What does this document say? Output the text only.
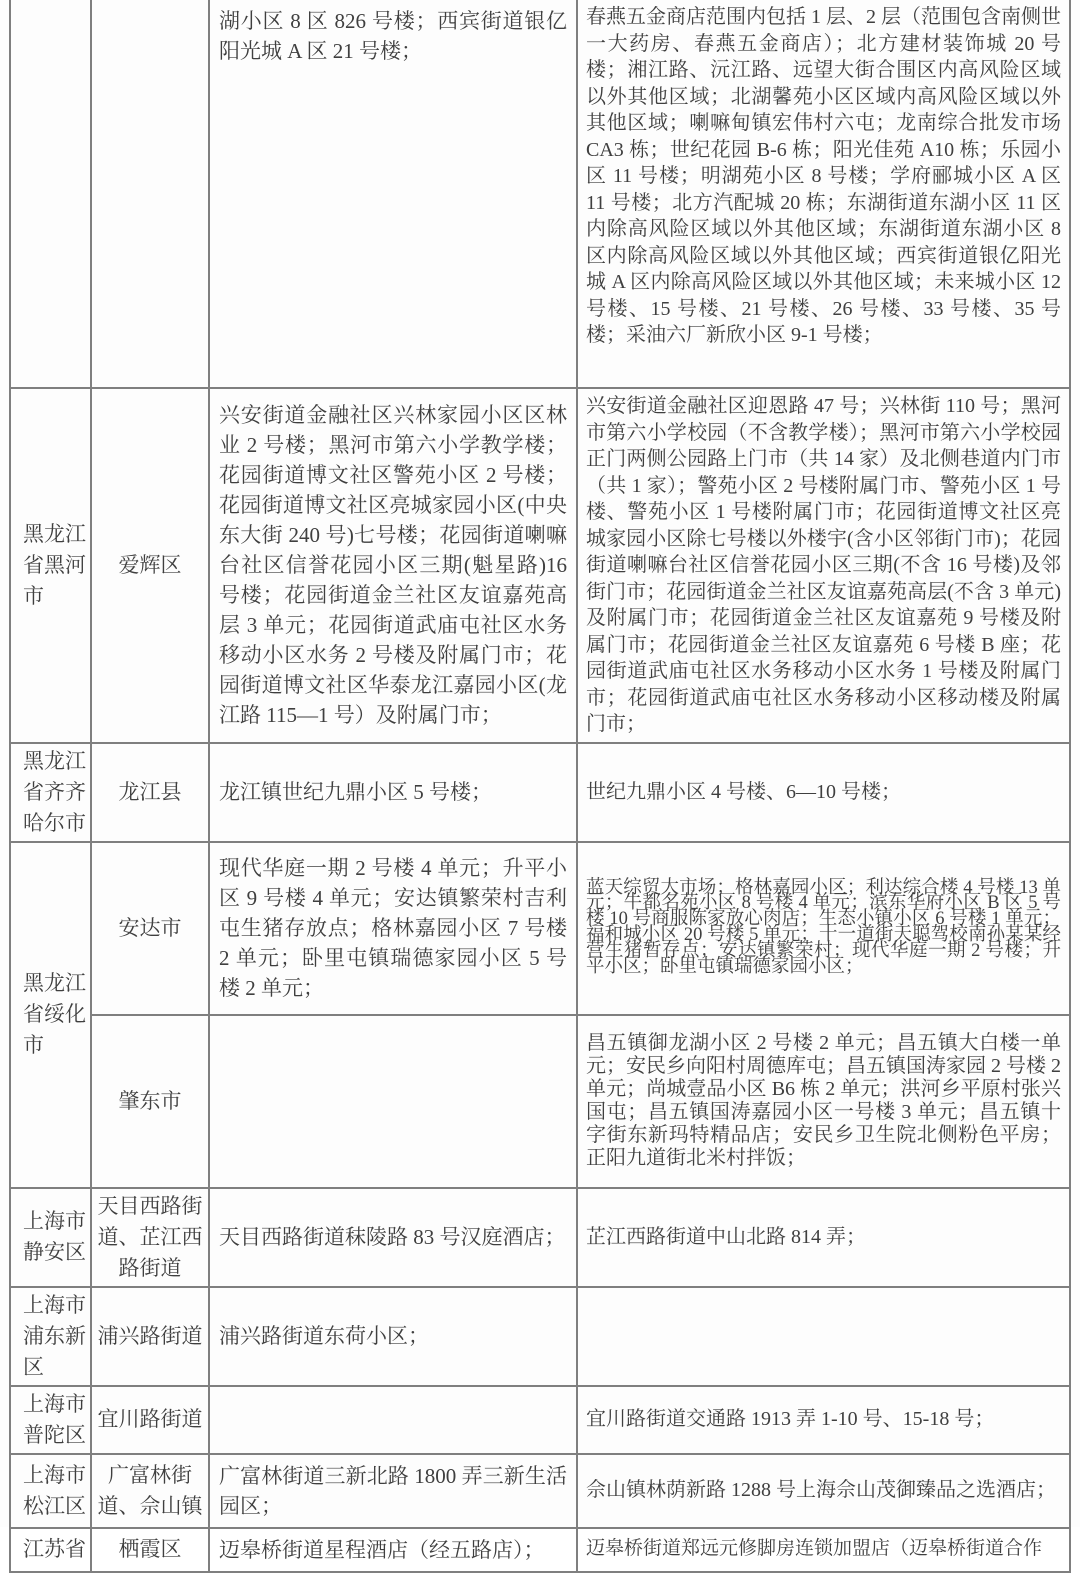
		湖小区 8 区 826 号楼；西宾街道银亿阳光城 A 区 21 号楼；	春燕五金商店范围内包括 1 层、2 层（范围包含南侧世一大药房、春燕五金商店）；北方建材装饰城 20 号楼；湘江路、沅江路、远望大街合围区内高风险区域以外其他区域；北湖馨苑小区区域内高风险区域以外其他区域；喇嘛甸镇宏伟村六屯；龙南综合批发市场 CA3 栋；世纪花园 B-6 栋；阳光佳苑 A10 栋；乐园小区 11 号楼；明湖苑小区 8 号楼；学府郦城小区 A 区 11 号楼；北方汽配城 20 栋；东湖街道东湖小区 11 区内除高风险区域以外其他区域；东湖街道东湖小区 8 区内除高风险区域以外其他区域；西宾街道银亿阳光城 A 区内除高风险区域以外其他区域；未来城小区 12 号楼、15 号楼、21 号楼、26 号楼、33 号楼、35 号楼；采油六厂新欣小区 9-1 号楼；
黑龙江省黑河市	爱辉区	兴安街道金融社区兴林家园小区区林业 2 号楼；黑河市第六小学教学楼；花园街道博文社区警苑小区 2 号楼；花园街道博文社区亮城家园小区(中央东大街 240 号)七号楼；花园街道喇嘛台社区信誉花园小区三期(魁星路)16 号楼；花园街道金兰社区友谊嘉苑高层 3 单元；花园街道武庙屯社区水务移动小区水务 2 号楼及附属门市；花园街道博文社区华泰龙江嘉园小区(龙江路 115—1 号）及附属门市；	兴安街道金融社区迎恩路 47 号；兴林街 110 号；黑河市第六小学校园（不含教学楼）；黑河市第六小学校园正门两侧公园路上门市（共 14 家）及北侧巷道内门市（共 1 家）；警苑小区 2 号楼附属门市、警苑小区 1 号楼、警苑小区 1 号楼附属门市；花园街道博文社区亮城家园小区除七号楼以外楼宇(含小区邻街门市)；花园街道喇嘛台社区信誉花园小区三期(不含 16 号楼)及邻街门市；花园街道金兰社区友谊嘉苑高层(不含 3 单元)及附属门市；花园街道金兰社区友谊嘉苑 9 号楼及附属门市；花园街道金兰社区友谊嘉苑 6 号楼 B 座；花园街道武庙屯社区水务移动小区水务 1 号楼及附属门市；花园街道武庙屯社区水务移动小区移动楼及附属门市；
黑龙江省齐齐哈尔市	龙江县	龙江镇世纪九鼎小区 5 号楼；	世纪九鼎小区 4 号楼、6—10 号楼；
黑龙江省绥化市	安达市	现代华庭一期 2 号楼 4 单元；升平小区 9 号楼 4 单元；安达镇繁荣村吉利屯生猪存放点；格林嘉园小区 7 号楼 2 单元；卧里屯镇瑞德家园小区 5 号楼 2 单元；	蓝天综贸大市场；格林嘉园小区；利达综合楼 4 号楼 13 单元；牛都名苑小区 8 号楼 4 单元；滨东华府小区 B 区 5 号楼 10 号商服陈家放心肉店；生态小镇小区 6 号楼 1 单元；福和城小区 20 号楼 5 单元；十一道街天聪驾校南孙某某经营生猪暂存点；安达镇繁荣村；现代华庭一期 2 号楼；升平小区；卧里屯镇瑞德家园小区；
	肇东市		昌五镇御龙湖小区 2 号楼 2 单元；昌五镇大白楼一单元；安民乡向阳村周德库屯；昌五镇国涛家园 2 号楼 2 单元；尚城壹品小区 B6 栋 2 单元；洪河乡平原村张兴国屯；昌五镇国涛嘉园小区一号楼 3 单元；昌五镇十字街东新玛特精品店；安民乡卫生院北侧粉色平房；正阳九道街北米村拌饭；
上海市静安区	天目西路街道、芷江西路街道	天目西路街道秣陵路 83 号汉庭酒店；	芷江西路街道中山北路 814 弄；
上海市浦东新区	浦兴路街道	浦兴路街道东荷小区；	
上海市普陀区	宜川路街道		宜川路街道交通路 1913 弄 1-10 号、15-18 号；
上海市松江区	广富林街道、佘山镇	广富林街道三新北路 1800 弄三新生活园区；	佘山镇林荫新路 1288 号上海佘山茂御臻品之选酒店；
江苏省	栖霞区	迈皋桥街道星程酒店（经五路店）；	迈皋桥街道郑远元修脚房连锁加盟店（迈皋桥街道合作
